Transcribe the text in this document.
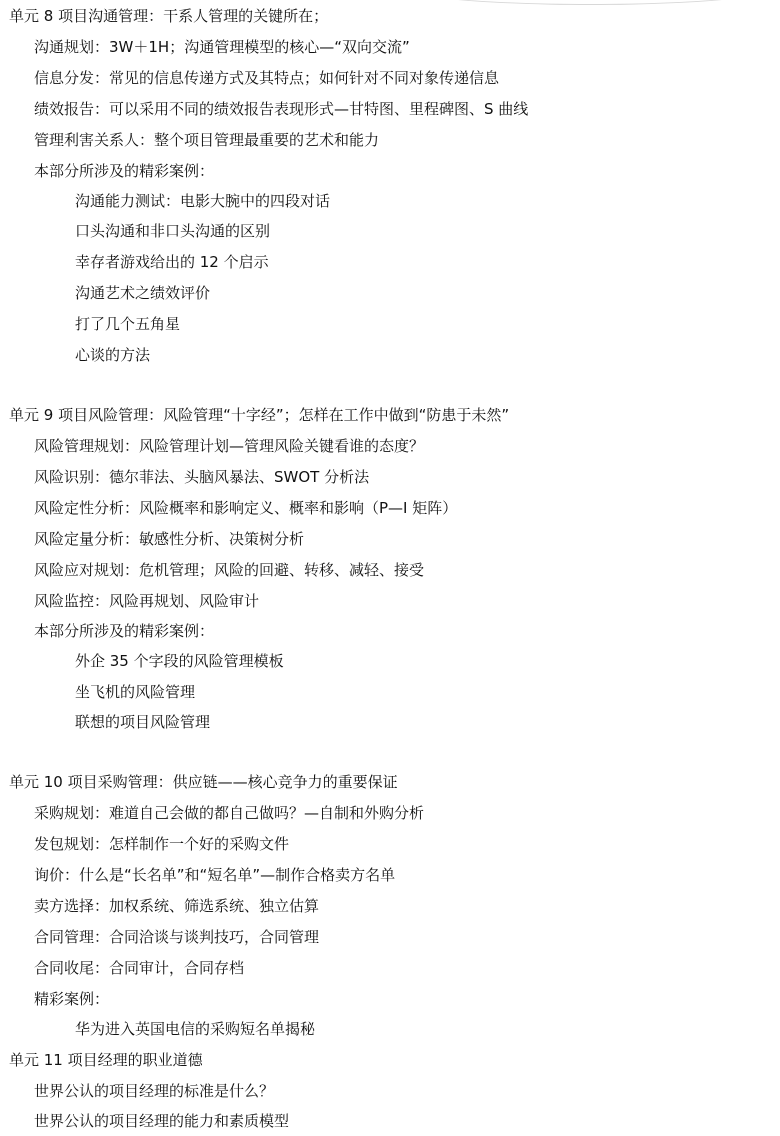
单元 8 项目沟通管理：干系人管理的关键所在；
沟通规划：3W＋1H；沟通管理模型的核心—“双向交流”
信息分发：常见的信息传递方式及其特点；如何针对不同对象传递信息
绩效报告：可以采用不同的绩效报告表现形式—甘特图、里程碑图、S 曲线
管理利害关系人：整个项目管理最重要的艺术和能力
本部分所涉及的精彩案例：
沟通能力测试：电影大腕中的四段对话
口头沟通和非口头沟通的区别
幸存者游戏给出的 12 个启示
沟通艺术之绩效评价
打了几个五角星
心谈的方法
单元 9 项目风险管理：风险管理“十字经”；怎样在工作中做到“防患于未然”
风险管理规划：风险管理计划—管理风险关键看谁的态度？
风险识别：德尔菲法、头脑风暴法、SWOT 分析法
风险定性分析：风险概率和影响定义、概率和影响（P—I 矩阵）
风险定量分析：敏感性分析、决策树分析
风险应对规划：危机管理；风险的回避、转移、减轻、接受
风险监控：风险再规划、风险审计
本部分所涉及的精彩案例：
外企 35 个字段的风险管理模板
坐飞机的风险管理
联想的项目风险管理
单元 10 项目采购管理：供应链——核心竞争力的重要保证
采购规划：难道自己会做的都自己做吗？—自制和外购分析
发包规划：怎样制作一个好的采购文件
询价：什么是“长名单”和“短名单”—制作合格卖方名单
卖方选择：加权系统、筛选系统、独立估算
合同管理：合同洽谈与谈判技巧，合同管理
合同收尾：合同审计，合同存档
精彩案例：
华为进入英国电信的采购短名单揭秘
单元 11 项目经理的职业道德
世界公认的项目经理的标准是什么？
世界公认的项目经理的能力和素质模型
